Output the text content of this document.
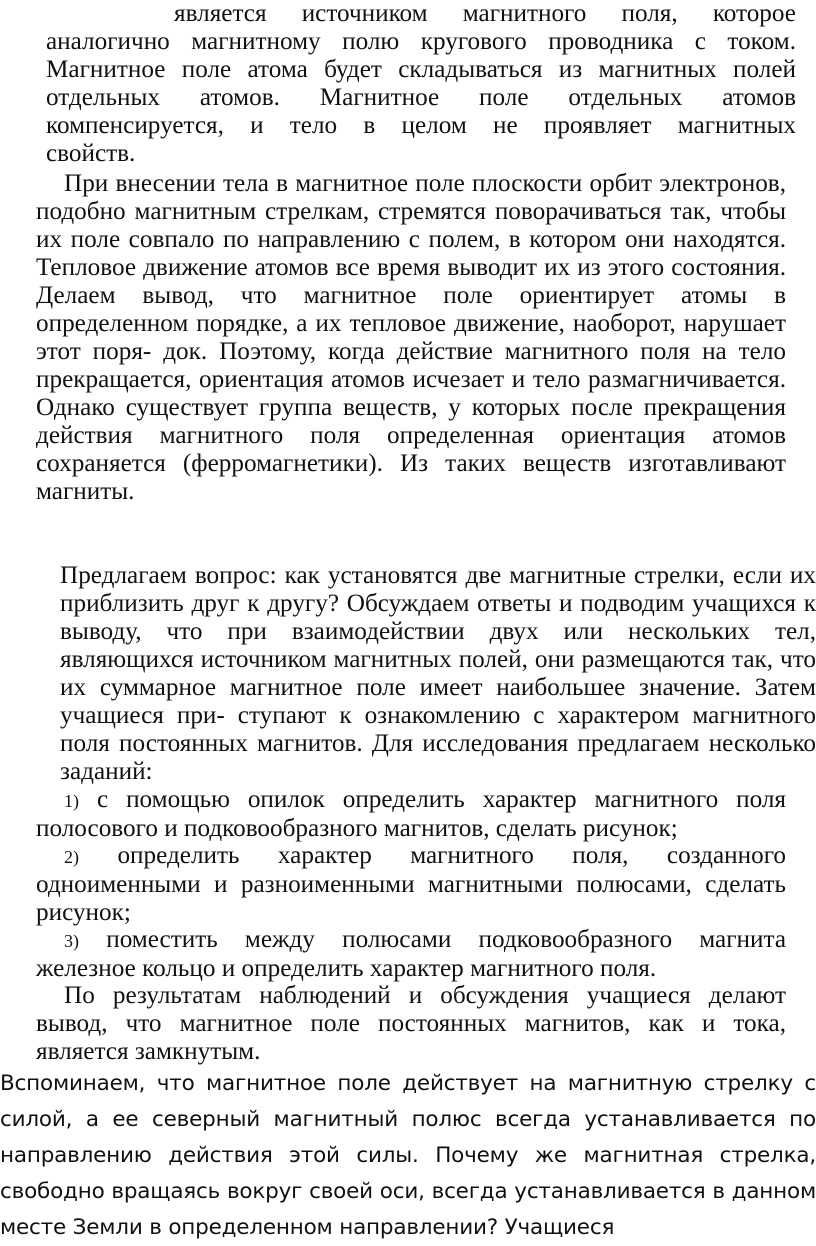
является источником магнитного поля, которое
аналогично магнитному полю кругового проводника с током.
Магнитное поле атома будет складываться из магнитных полей
отдельных атомов. Магнитное поле отдельных атомов
компенсируется, и тело в целом не проявляет магнитных
свойств.

При внесении тела в магнитное поле плоскости орбит электронов, подобно магнитным стрелкам, стремятся поворачиваться так, чтобы их поле совпало по направлению с полем, в котором они находятся. Тепловое движение атомов все время выводит их из этого состояния. Делаем вывод, что магнитное поле ориентирует атомы в определенном порядке, а их тепловое движение, наоборот, нарушает этот поря- док. Поэтому, когда действие магнитного поля на тело прекращается, ориентация атомов исчезает и тело размагничивается. Однако существует группа веществ, у которых после прекращения действия магнитного поля определенная ориентация атомов сохраняется (ферромагнетики). Из таких веществ изготавливают магниты.

Предлагаем вопрос: как установятся две магнитные стрелки, если их приблизить друг к другу? Обсуждаем ответы и подводим учащихся к выводу, что при взаимодействии двух или нескольких тел, являющихся источником магнитных полей, они размещаются так, что их суммарное магнитное поле имеет наибольшее значение. Затем учащиеся при- ступают к ознакомлению с характером магнитного поля постоянных магнитов. Для исследования предлагаем несколько заданий:

1) с помощью опилок определить характер магнитного поля полосового и подковообразного магнитов, сделать рисунок;

2) определить характер магнитного поля, созданного одноименными и разноименными магнитными полюсами, сделать рисунок;

3) поместить между полюсами подковообразного магнита железное кольцо и определить характер магнитного поля.

По результатам наблюдений и обсуждения учащиеся делают вывод, что магнитное поле постоянных магнитов, как и тока, является замкнутым.

Вспоминаем, что магнитное поле действует на магнитную стрелку с силой, а ее северный магнитный полюс всегда устанавливается по направлению действия этой силы. Почему же магнитная стрелка, свободно вращаясь вокруг своей оси, всегда устанавливается в данном месте Земли в определенном направлении? Учащиеся
